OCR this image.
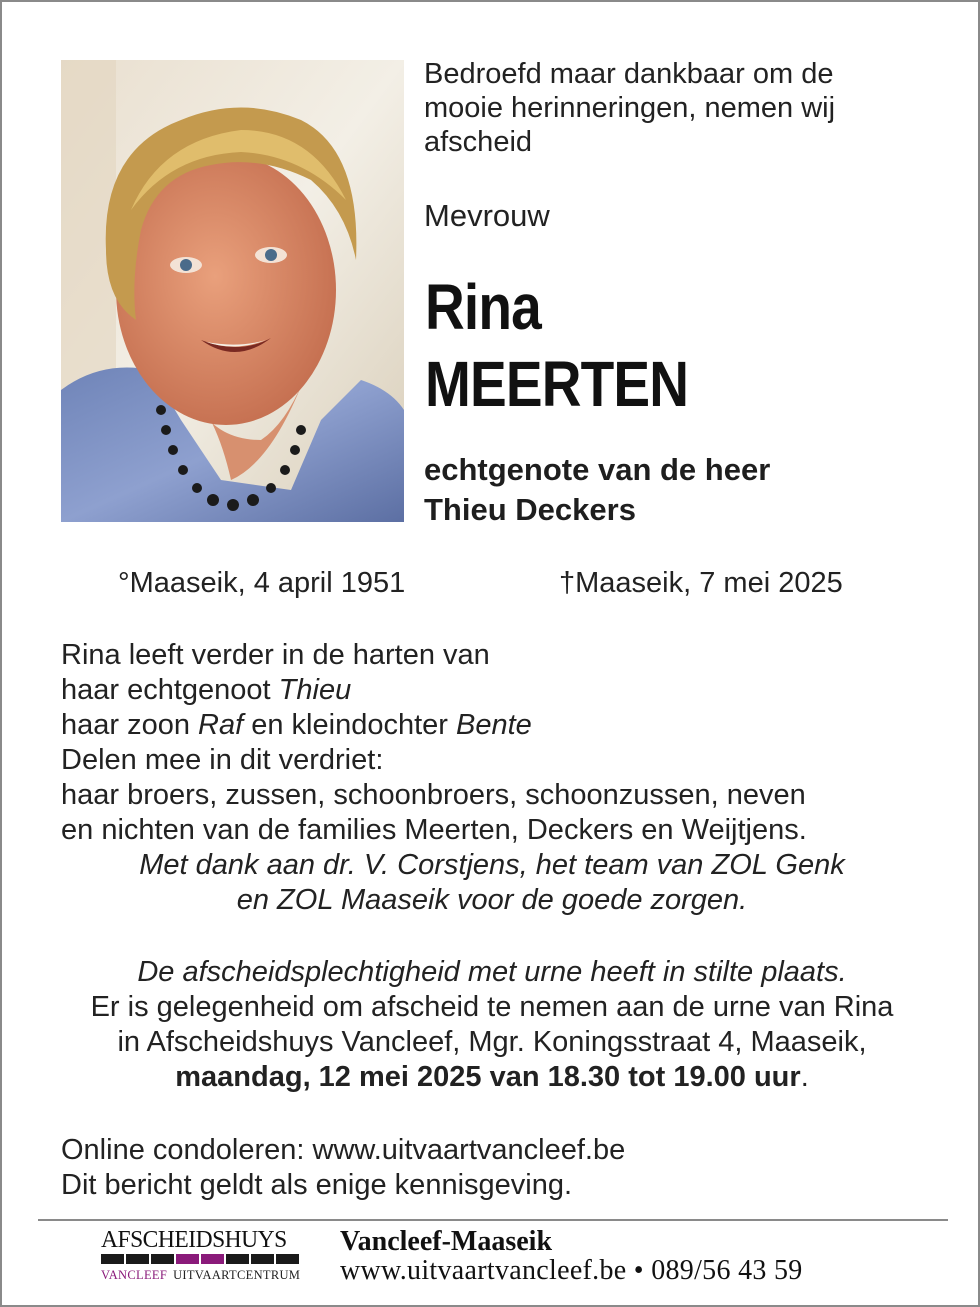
Bedroefd maar dankbaar om de
mooie herinneringen, nemen wij
afscheid
Mevrouw
Rina
MEERTEN
echtgenote van de heer
Thieu Deckers
°Maaseik, 4 april 1951	†Maaseik, 7 mei 2025
Rina leeft verder in de harten van
haar echtgenoot Thieu
haar zoon Raf en kleindochter Bente
Delen mee in dit verdriet:
haar broers, zussen, schoonbroers, schoonzussen, neven
en nichten van de families Meerten, Deckers en Weijtjens.
Met dank aan dr. V. Corstjens, het team van ZOL Genk
en ZOL Maaseik voor de goede zorgen.
De afscheidsplechtigheid met urne heeft in stilte plaats.
Er is gelegenheid om afscheid te nemen aan de urne van Rina
in Afscheidshuys Vancleef, Mgr. Koningsstraat 4, Maaseik,
maandag, 12 mei 2025 van 18.30 tot 19.00 uur.
Online condoleren: www.uitvaartvancleef.be
Dit bericht geldt als enige kennisgeving.
AFSCHEIDSHUYS
VANCLEEF UITVAARTCENTRUM
Vancleef-Maaseik
www.uitvaartvancleef.be • 089/56 43 59
